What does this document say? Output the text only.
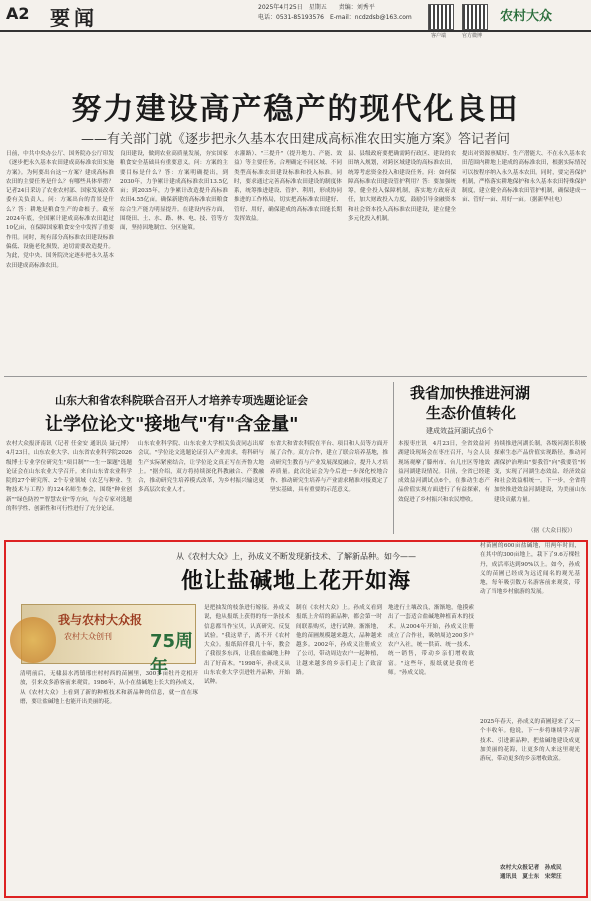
A2 要闻	2025年4月25日　星期五　　责编：刘秀平
电话：0531-85193576　E-mail：ncdzdsb@163.com
客户端	官方微博
农村大众
努力建设高产稳产的现代化良田
——有关部门就《逐步把永久基本农田建成高标准农田实施方案》答记者问
日前，中共中央办公厅、国务院办公厅印发《逐步把永久基本农田建成高标准农田实施方案》。为何要出台这一方案？建成高标准农田的主要任务是什么？有哪些具体举措？记者24日采访了农业农村部、国家发展改革委有关负责人。问：方案出台的背景是什么？答：耕地是粮食生产的命根子。截至2024年底，全国累计建成高标准农田超过10亿亩，在保障国家粮食安全中发挥了重要作用。同时，现有部分高标准农田建设标准偏低、设施老化损毁，迫切需要改造提升。为此，党中央、国务院决定逐步把永久基本农田建成高标准农田。
良田建设，做到农业高质量发展，夯实国家粮食安全基础具有重要意义。问：方案的主要目标是什么？答：方案明确提出，到2030年，力争累计建成高标准农田13.5亿亩；到2035年，力争累计改造提升高标准农田4.55亿亩。确保新建的高标准农田粮食综合生产能力明显提升。在建设内容方面，围绕田、土、水、路、林、电、技、管等方面，坚持因地制宜、分区施策。
水灌路）、"三提升"（提升地力、产能、效益）等主要任务。合理确定不同区域、不同类型高标准农田建设标准和投入标准。同时，要求通过完善高标准农田建设的制度体系，统筹推进建设、管护、利用，形成协同推进的工作格局，切实把高标准农田建好、管好、用好，确保建成的高标准农田能长期发挥效益。
县、县级政府要把确需跨行政区、建设的农田纳入规划，对跨区域建设的高标准农田，统筹考虑资金投入和建设任务。问：如何保障高标准农田建设管护利用？答：要加强统筹，健全投入保障机制，落实地方政府责任，加大财政投入力度，鼓励引导金融资本和社会资本投入高标准农田建设，建立健全多元化投入机制。
提出对资源禀赋好、生产潜能大、不在永久基本农田范围内耕地上建成的高标准农田，根据实际情况可以按程序纳入永久基本农田。同时，要完善保护机制，严格落实耕地保护和永久基本农田特殊保护制度，建立健全高标准农田管护机制，确保建成一亩、管好一亩、用好一亩。（据新华社电）
山东大和省农科院联合召开人才培养专项选题论证会
让学位论文"接地气"有"含金量"
农村大众报济南讯（记者 任金安 通讯员 聂元博）4月23日，山东农业大学、山东省农业科学院2026级博士专业学位研究生"项目制""一生一课题"选题论证会在山东农业大学召开。来自山东省农业科学院的27个研究所、2个专业领域（农艺与种业、生物技术与工程）的124名师生参会，围绕"种业创新""绿色防控""智慧农业"等方向，与会专家对选题的科学性、创新性和可行性进行了充分论证。
山东农业科学院、山东农业大学相关负责同志出席会议。"学位论文选题论证引入产业需求，将科研与生产实际紧密结合，让学位论文真正写在齐鲁大地上。"据介绍，双方将持续深化科教融合、产教融合，推动研究生培养模式改革，为乡村振兴输送更多高层次农业人才。
东省大和省农科院在平台、项目和人员等方面开展了合作。双方合作，建立了联合培养基地，推动研究生教育与产业发展深度融合，提升人才培养质量。此次论证会为今后进一步深化校地合作、推动研究生培养与产业需求精准对接奠定了坚实基础，具有重要的示范意义。
我省加快推进河湖
生态价值转化
建成效益河湖试点6个
本报枣庄讯　4月23日，全省效益河湖建设现场会在枣庄召开，与会人员现场观摩了滕州市、台儿庄区等地效益河湖建设情况。目前，全省已经建成效益河湖试点6个，在推动生态产品价值实现方面进行了有益探索，有效促进了乡村振兴和农民增收。
持续推进河湖长制，各级河湖长积极探索生态产品价值实现路径，推动河湖保护治理由"要我管"向"我要管"转变，实现了河湖生态效益、经济效益和社会效益相统一。下一步，全省将加快推进效益河湖建设，为美丽山东建设贡献力量。
（据《大众日报》）
从《农村大众》上，孙成义不断发现新技术、了解新品种。如今——
他让盐碱地上花开如海
我与农村大众报
农村大众创刊 75周年
清明前后，无棣县水湾镇邢庄村村西的苗圃里，300多亩牡丹竞相开放，引来众多游客前来观赏。1986年，从小在盐碱地上长大的孙成义，从《农村大众》上看到了新的种植技术和新品种的信息，就一直在琢磨，要让盐碱地上也能开出美丽的花。
是把抽发的枝条进行嫁接。孙成义说，他从报纸上获得的每一条技术信息都当作宝贝，认真研究、反复试验。"我这辈子，离不开《农村大众》。报纸陪伴我几十年，教会了我很多东西，让我在盐碱地上种出了好苗木。"1998年，孙成义从山东农业大学引进牡丹品种，开始试种。
制在《农村大众》上。孙成义看到报纸上介绍的新品种，都会第一时间联系购买，进行试种。渐渐地，他的苗圃规模越来越大，品种越来越多。2002年，孙成义注册成立了公司，带动周边农户一起种植，让越来越多的乡亲们走上了致富路。
地进行土壤改良，渐渐地，他摸索出了一套适合盐碱地种植苗木的技术。从2004年开始，孙成义注册成立了合作社，吸纳周边200多户农户入社，统一供苗、统一技术、统一销售，带动乡亲们增收致富。"这些年，报纸就是我的老师。"孙成义说。
村苗圃的600亩盐碱地，用两年时间，在其中的300亩地上，栽下了9.6万棵牡丹，成活率达到90%以上。如今，孙成义的苗圃已经成为远近闻名的观光基地，每年吸引数万名游客前来观赏，带动了当地乡村旅游的发展。
2025年春天，孙成义的苗圃迎来了又一个丰收年。他说，下一步将继续学习新技术、引进新品种，把盐碱地建设成更加美丽的花海，让更多的人来这里观光游玩，带动更多的乡亲增收致富。
农村大众报记者　孙成民
通讯员　夏士东　宋荣汪
